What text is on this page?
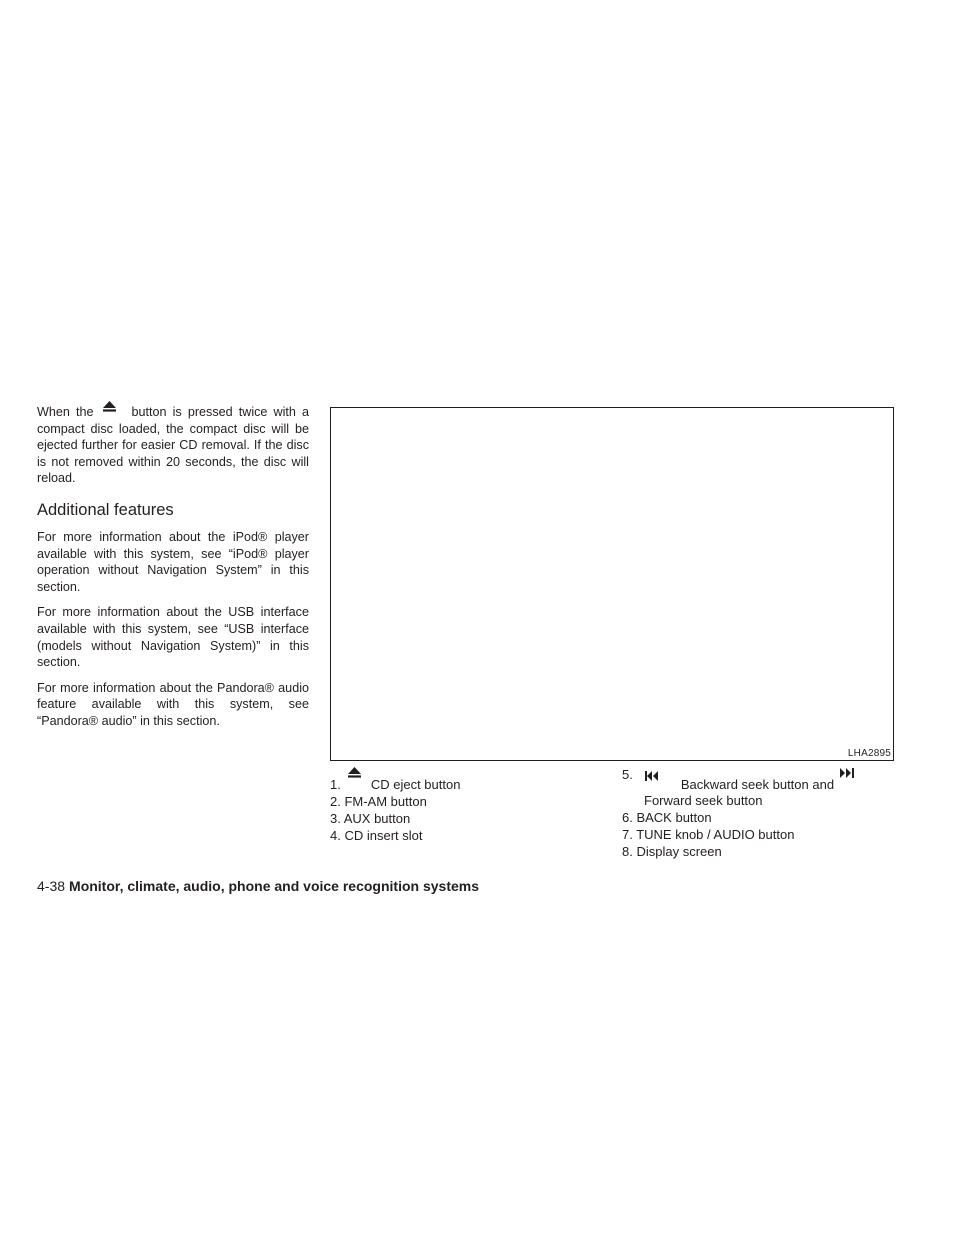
When the	button is pressed twice with a compact disc loaded, the compact disc will be ejected further for easier CD removal. If the disc is not removed within 20 seconds, the disc will reload.

Additional features

For more information about the iPod® player available with this system, see “iPod® player operation without Navigation System” in this section.

For more information about the USB interface available with this system, see “USB interface (models without Navigation System)” in this section.

For more information about the Pandora® audio feature available with this system, see “Pandora® audio” in this section.

LHA2895
1. CD eject button
2. FM-AM button
3. AUX button
4. CD insert slot
5.
Backward seek button and
Forward seek button
6. BACK button
7. TUNE knob / AUDIO button
8. Display screen
4-38 Monitor, climate, audio, phone and voice recognition systems
